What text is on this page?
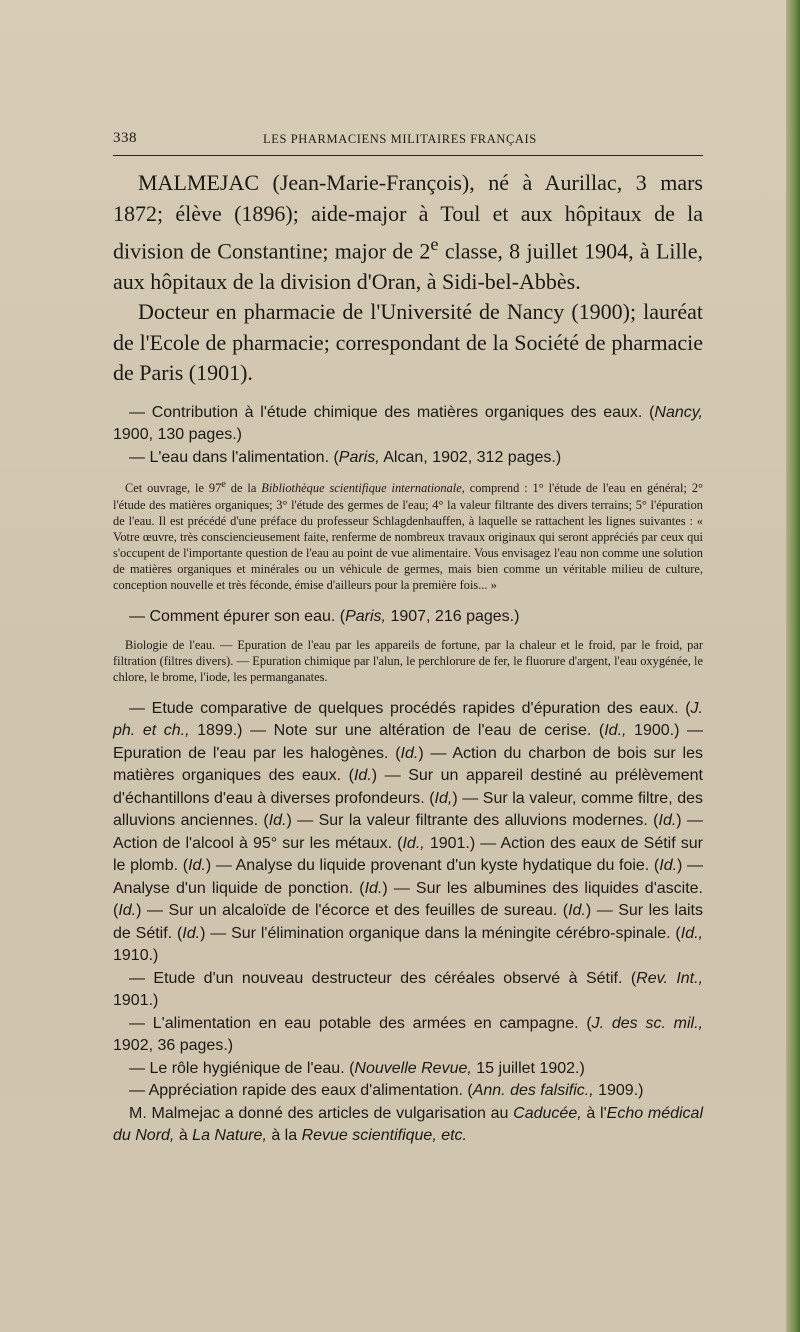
338	LES PHARMACIENS MILITAIRES FRANÇAIS

MALMEJAC (Jean-Marie-François), né à Aurillac, 3 mars 1872; élève (1896); aide-major à Toul et aux hôpitaux de la division de Constantine; major de 2e classe, 8 juillet 1904, à Lille, aux hôpitaux de la division d'Oran, à Sidi-bel-Abbès.

Docteur en pharmacie de l'Université de Nancy (1900); lauréat de l'Ecole de pharmacie; correspondant de la Société de pharmacie de Paris (1901).

— Contribution à l'étude chimique des matières organiques des eaux. (Nancy, 1900, 130 pages.)

— L'eau dans l'alimentation. (Paris, Alcan, 1902, 312 pages.)

Cet ouvrage, le 97e de la Bibliothèque scientifique internationale, comprend : 1° l'étude de l'eau en général; 2° l'étude des matières organiques; 3° l'étude des germes de l'eau; 4° la valeur filtrante des divers terrains; 5° l'épuration de l'eau. Il est précédé d'une préface du professeur Schlagdenhauffen, à laquelle se rattachent les lignes suivantes : « Votre œuvre, très consciencieusement faite, renferme de nombreux travaux originaux qui seront appréciés par ceux qui s'occupent de l'importante question de l'eau au point de vue alimentaire. Vous envisagez l'eau non comme une solution de matières organiques et minérales ou un véhicule de germes, mais bien comme un véritable milieu de culture, conception nouvelle et très féconde, émise d'ailleurs pour la première fois... »

— Comment épurer son eau. (Paris, 1907, 216 pages.)

Biologie de l'eau. — Epuration de l'eau par les appareils de fortune, par la chaleur et le froid, par le froid, par filtration (filtres divers). — Epuration chimique par l'alun, le perchlorure de fer, le fluorure d'argent, l'eau oxygénée, le chlore, le brome, l'iode, les permanganates.

— Etude comparative de quelques procédés rapides d'épuration des eaux. (J. ph. et ch., 1899.) — Note sur une altération de l'eau de cerise. (Id., 1900.) — Epuration de l'eau par les halogènes. (Id.) — Action du charbon de bois sur les matières organiques des eaux. (Id.) — Sur un appareil destiné au prélèvement d'échantillons d'eau à diverses profondeurs. (Id,) — Sur la valeur, comme filtre, des alluvions anciennes. (Id.) — Sur la valeur filtrante des alluvions modernes. (Id.) — Action de l'alcool à 95° sur les métaux. (Id., 1901.) — Action des eaux de Sétif sur le plomb. (Id.) — Analyse du liquide provenant d'un kyste hydatique du foie. (Id.) — Analyse d'un liquide de ponction. (Id.) — Sur les albumines des liquides d'ascite. (Id.) — Sur un alcaloïde de l'écorce et des feuilles de sureau. (Id.) — Sur les laits de Sétif. (Id.) — Sur l'élimination organique dans la méningite cérébro-spinale. (Id., 1910.)

— Etude d'un nouveau destructeur des céréales observé à Sétif. (Rev. Int., 1901.)

— L'alimentation en eau potable des armées en campagne. (J. des sc. mil., 1902, 36 pages.)

— Le rôle hygiénique de l'eau. (Nouvelle Revue, 15 juillet 1902.)

— Appréciation rapide des eaux d'alimentation. (Ann. des falsific., 1909.)

M. Malmejac a donné des articles de vulgarisation au Caducée, à l'Echo médical du Nord, à La Nature, à la Revue scientifique, etc.
